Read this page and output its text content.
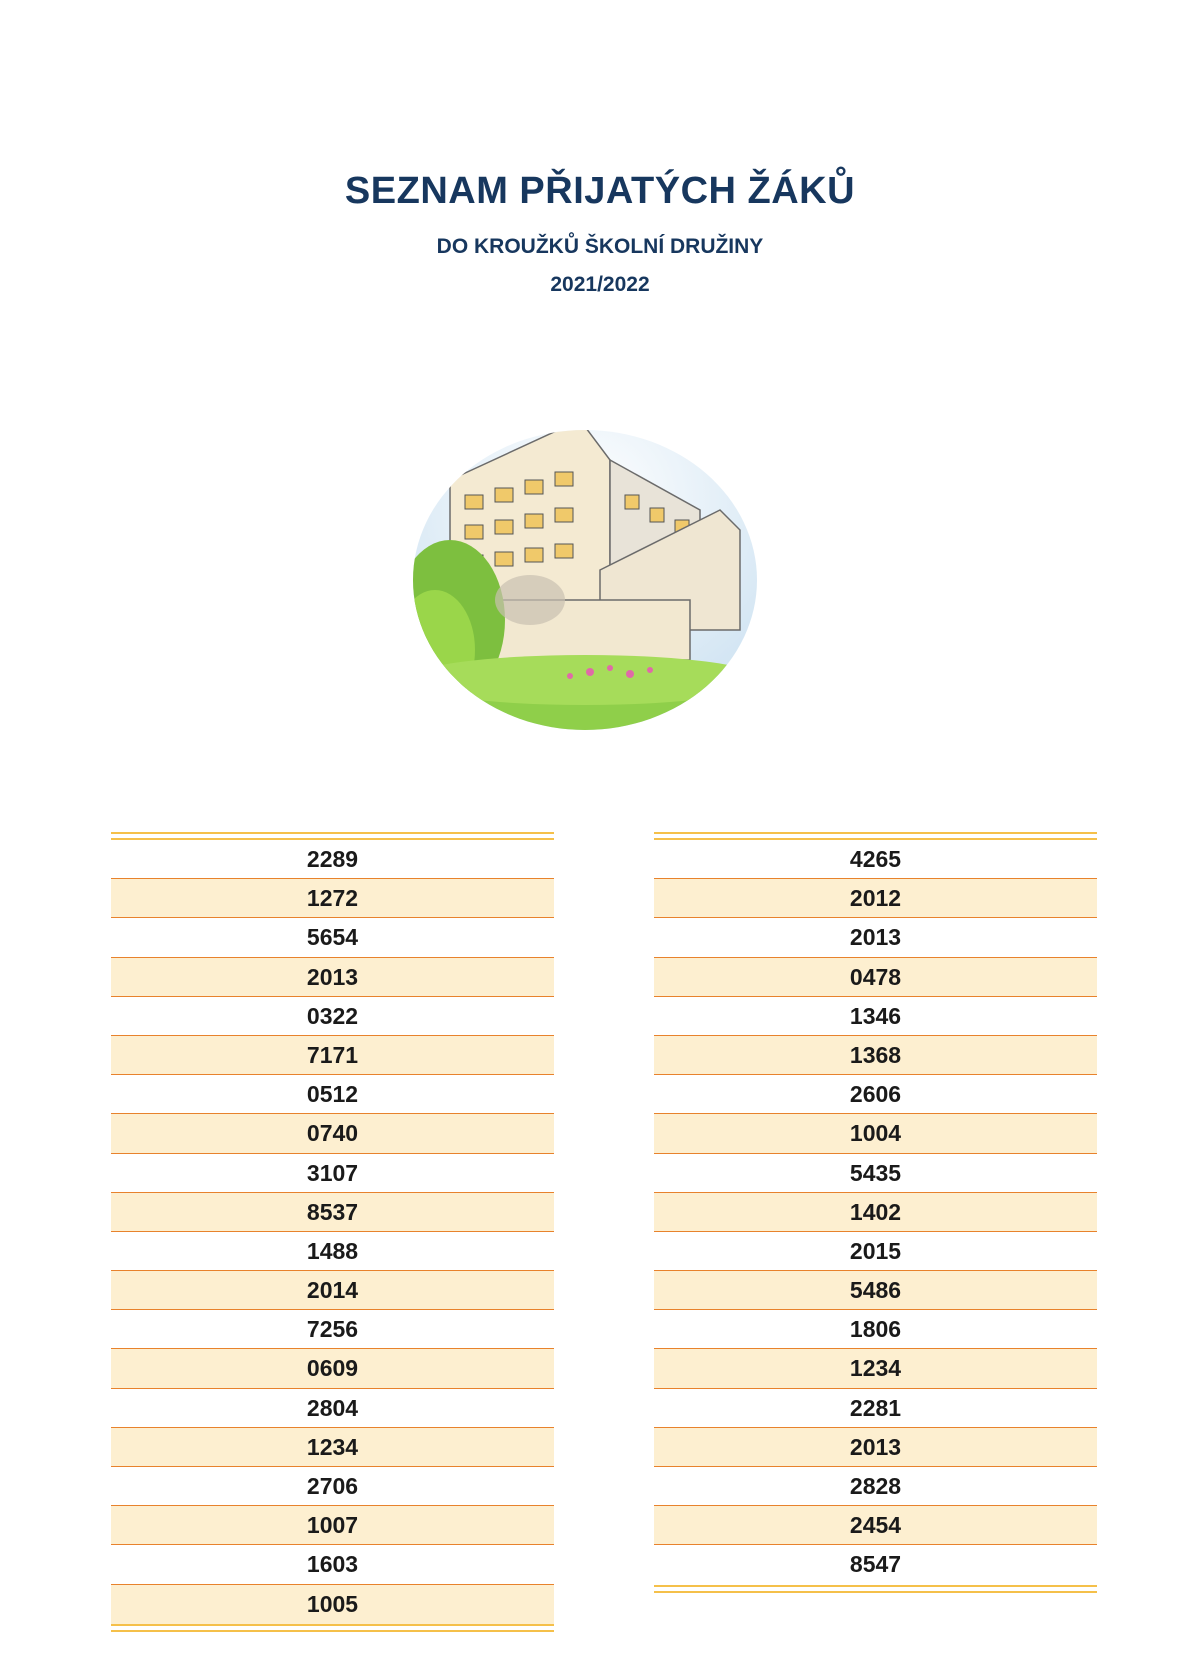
SEZNAM PŘIJATÝCH ŽÁKŮ
DO KROUŽKŮ ŠKOLNÍ DRUŽINY
2021/2022
2289
1272
5654
2013
0322
7171
0512
0740
3107
8537
1488
2014
7256
0609
2804
1234
2706
1007
1603
1005
4265
2012
2013
0478
1346
1368
2606
1004
5435
1402
2015
5486
1806
1234
2281
2013
2828
2454
8547
